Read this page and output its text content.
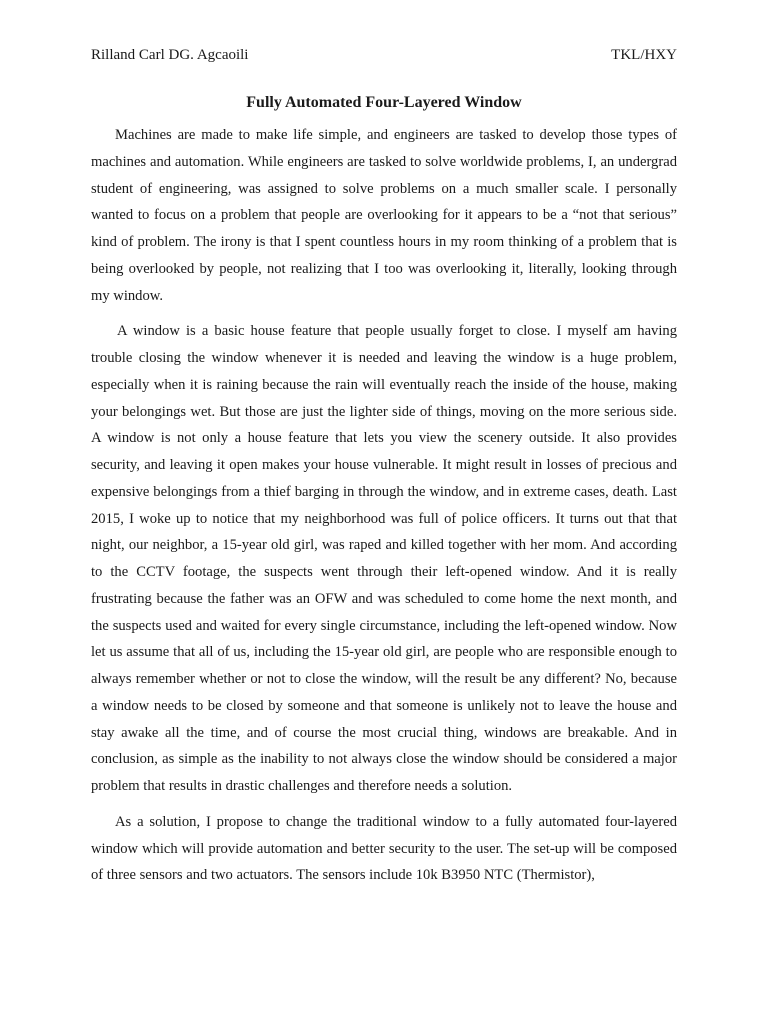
Rilland Carl DG. Agcaoili	TKL/HXY
Fully Automated Four-Layered Window

Machines are made to make life simple, and engineers are tasked to develop those types of machines and automation. While engineers are tasked to solve worldwide problems, I, an undergrad student of engineering, was assigned to solve problems on a much smaller scale. I personally wanted to focus on a problem that people are overlooking for it appears to be a “not that serious” kind of problem. The irony is that I spent countless hours in my room thinking of a problem that is being overlooked by people, not realizing that I too was overlooking it, literally, looking through my window.

A window is a basic house feature that people usually forget to close. I myself am having trouble closing the window whenever it is needed and leaving the window is a huge problem, especially when it is raining because the rain will eventually reach the inside of the house, making your belongings wet. But those are just the lighter side of things, moving on the more serious side. A window is not only a house feature that lets you view the scenery outside. It also provides security, and leaving it open makes your house vulnerable. It might result in losses of precious and expensive belongings from a thief barging in through the window, and in extreme cases, death. Last 2015, I woke up to notice that my neighborhood was full of police officers. It turns out that that night, our neighbor, a 15-year old girl, was raped and killed together with her mom. And according to the CCTV footage, the suspects went through their left-opened window. And it is really frustrating because the father was an OFW and was scheduled to come home the next month, and the suspects used and waited for every single circumstance, including the left-opened window. Now let us assume that all of us, including the 15-year old girl, are people who are responsible enough to always remember whether or not to close the window, will the result be any different? No, because a window needs to be closed by someone and that someone is unlikely not to leave the house and stay awake all the time, and of course the most crucial thing, windows are breakable. And in conclusion, as simple as the inability to not always close the window should be considered a major problem that results in drastic challenges and therefore needs a solution.

As a solution, I propose to change the traditional window to a fully automated four-layered window which will provide automation and better security to the user. The set-up will be composed of three sensors and two actuators. The sensors include 10k B3950 NTC (Thermistor),
